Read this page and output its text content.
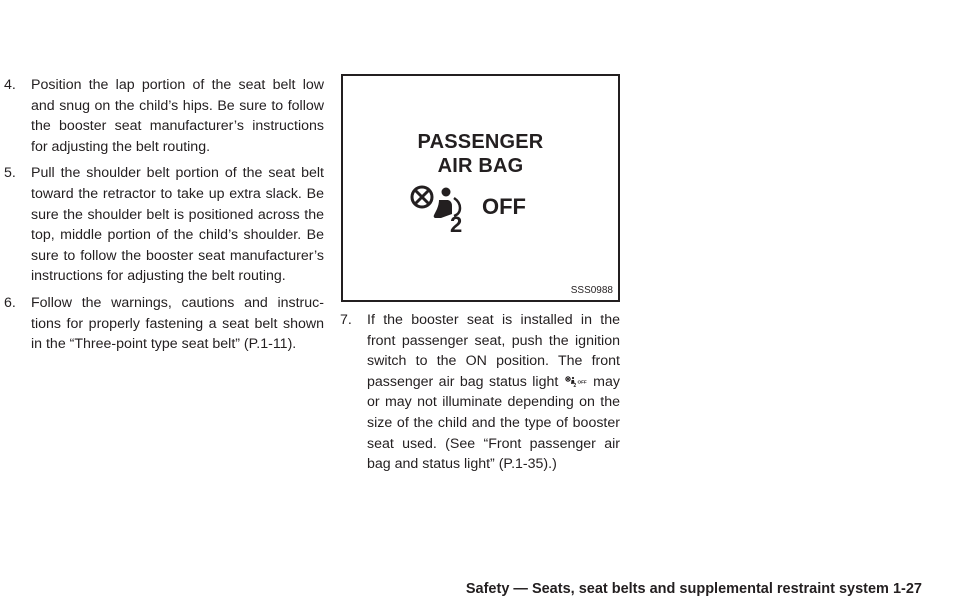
4.	Position the lap portion of the seat belt low and snug on the child’s hips. Be sure to follow the booster seat manufacturer’s instructions for adjusting the belt routing.
5.	Pull the shoulder belt portion of the seat belt toward the retractor to take up extra slack. Be sure the shoulder belt is positioned across the top, middle portion of the child’s shoulder. Be sure to follow the booster seat manufacturer’s instructions for adjusting the belt routing.
6.	Follow the warnings, cautions and instruc-tions for properly fastening a seat belt shown in the “Three-point type seat belt” (P.1-11).
PASSENGER
AIR BAG
2
OFF
SSS0988
7.	If the booster seat is installed in the front passenger seat, push the ignition switch to the ON position. The front passenger air bag status light	2
OFF may or may not illuminate depending on the size of the child and the type of booster seat used. (See “Front passenger air bag and status light” (P.1-35).)
Safety — Seats, seat belts and supplemental restraint system 1-27
